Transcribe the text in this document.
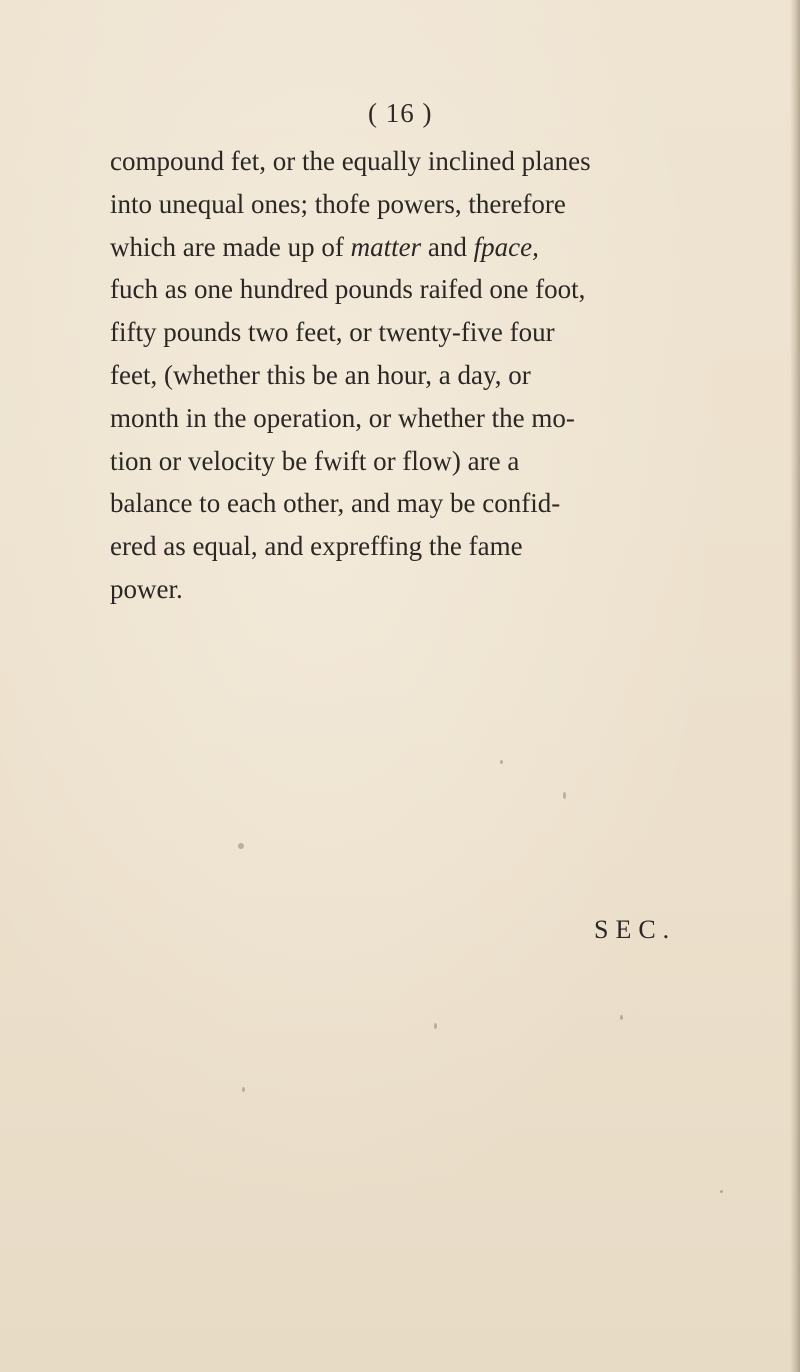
( 16 )
compound fet, or the equally inclined planes
into unequal ones; thofe powers, therefore
which are made up of matter and fpace,
fuch as one hundred pounds raifed one foot,
fifty pounds two feet, or twenty-five four
feet, (whether this be an hour, a day, or
month in the operation, or whether the mo-
tion or velocity be fwift or flow) are a
balance to each other, and may be confid-
ered as equal, and expreffing the fame
power.
SEC.
